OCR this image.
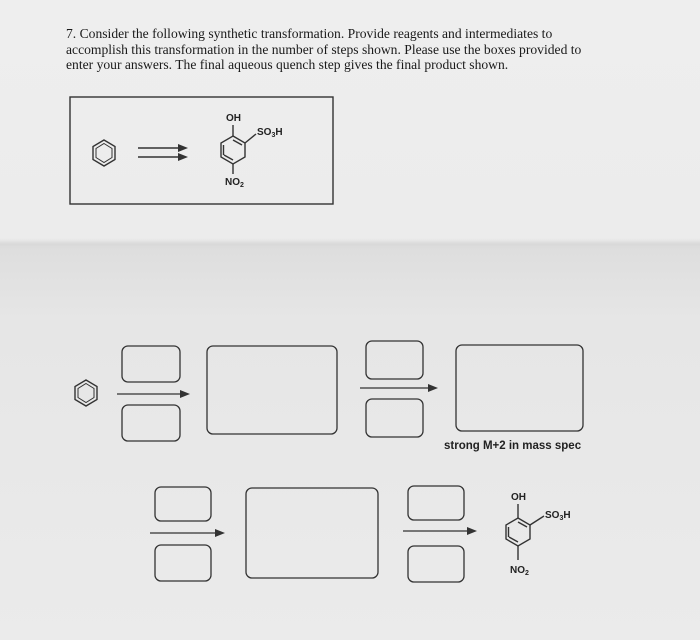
7. Consider the following synthetic transformation. Provide reagents and intermediates to
accomplish this transformation in the number of steps shown. Please use the boxes provided to
enter your answers. The final aqueous quench step gives the final product shown.
OH
$SO_3H$
$NO_2$
OH
$SO_3H$
$NO_2$
strong M+2 in mass spec
